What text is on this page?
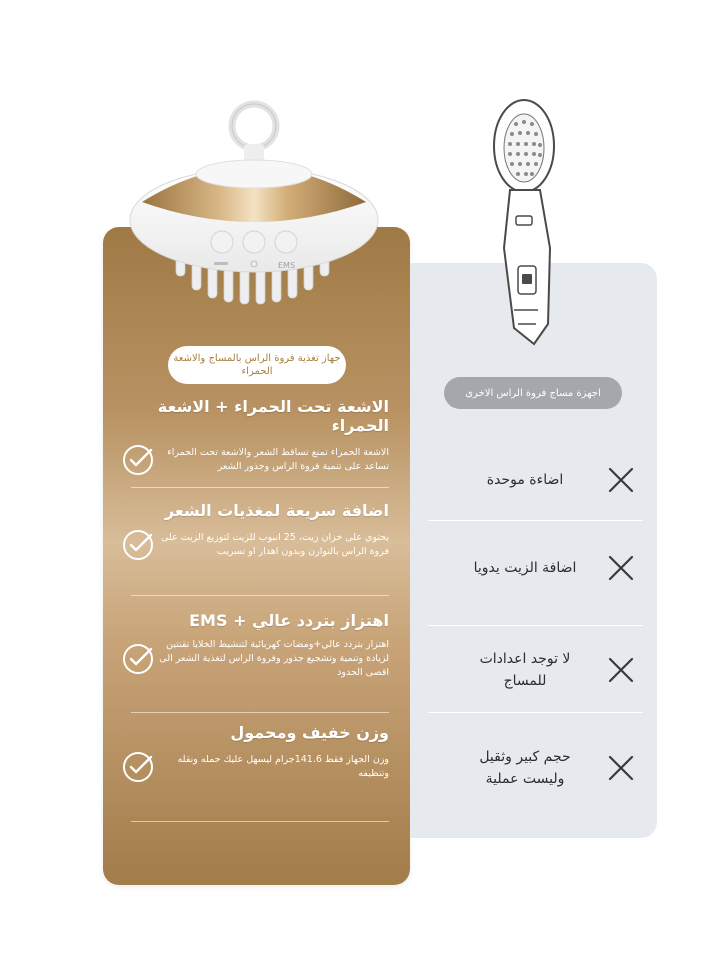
جهاز تغذية فروة الراس بالمساج والاشعة الحمراء
الاشعة تحت الحمراء + الاشعة الحمراء
الاشعة الحمراء تمنع تساقط الشعر والاشعة تحت الحمراء تساعد على تنمية فروة الراس وجذور الشعر
اضافة سريعة لمغذيات الشعر
يحتوي على خزان زيت، 25 انبوب للزيت لتوزيع الزيت على فروة الراس بالتوازن وبدون اهدار او تسريب
اهتزاز بتردد عالي + EMS
اهتزاز بتردد عالي+ومضات كهربائية لتنشيط الخلايا تقنتين لزيادة وتنمية وتشجيع جذور وفروة الراس لتغذية الشعر الى اقصى الحدود
وزن خفيف ومحمول
وزن الجهاز فقط 141.6جرام ليسهل عليك حمله ونقله وتنظيفه
EMS
اجهزة مساج فروة الراس الاخرى
اضاءة موحدة
اضافة الزيت يدويا
لا توجد اعدادات للمساج
حجم كبير وثقيل وليست عملية
